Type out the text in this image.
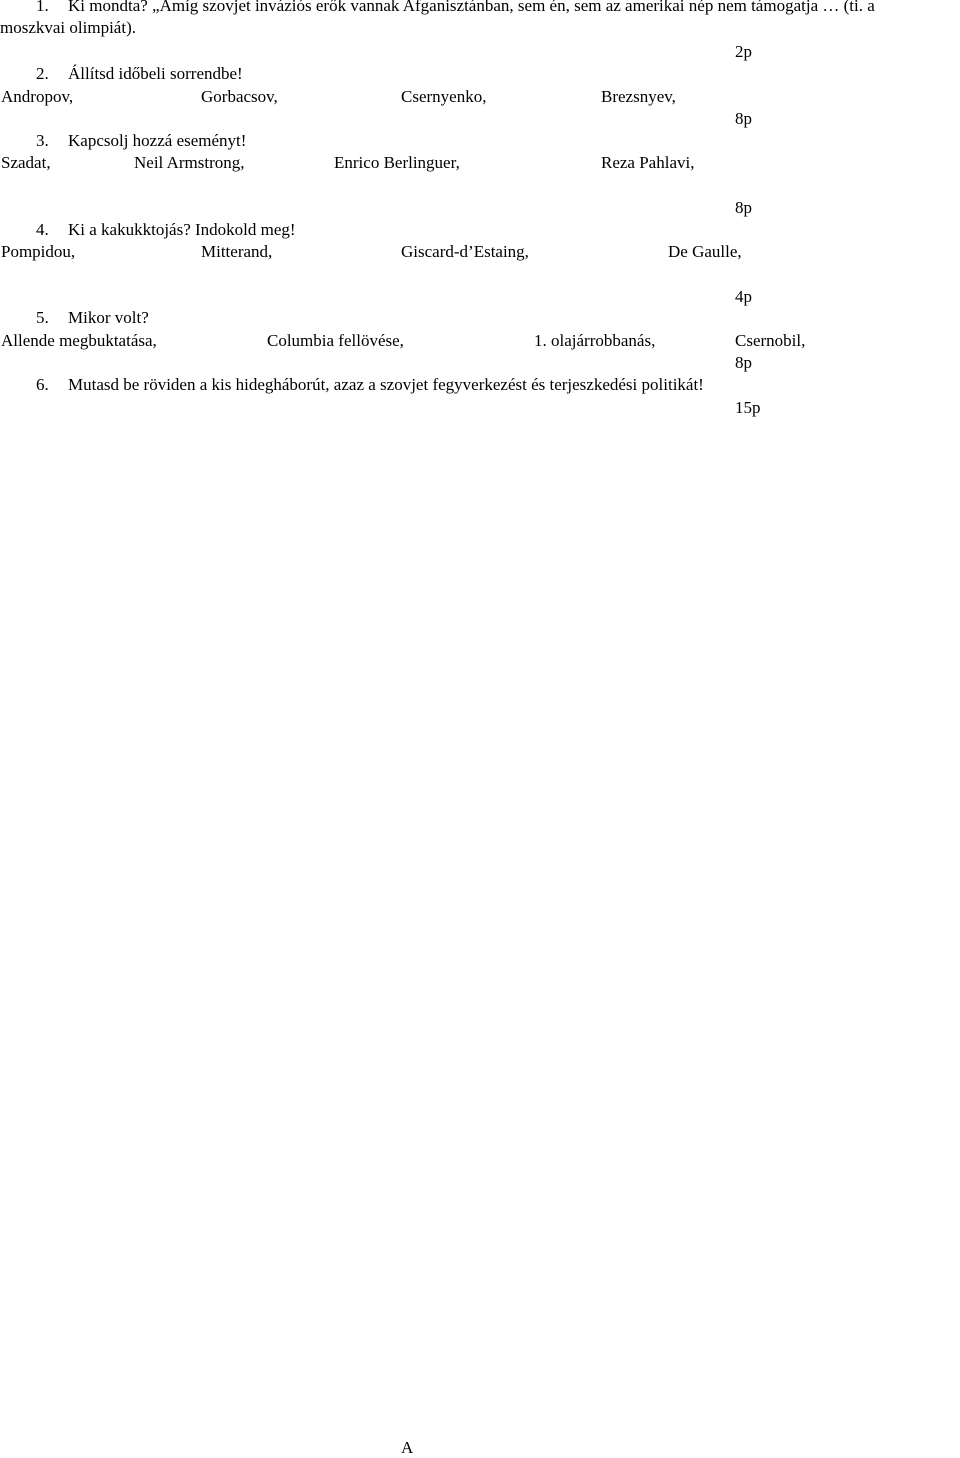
1. Ki mondta? „Amíg szovjet inváziós erők vannak Afganisztánban, sem én, sem az amerikai nép nem támogatja … (ti. a
moszkvai olimpiát).
2p
2. Állítsd időbeli sorrendbe!
Andropov,	Gorbacsov,	Csernyenko,	Brezsnyev,
8p
3. Kapcsolj hozzá eseményt!
Szadat,	Neil Armstrong,	Enrico Berlinguer,	Reza Pahlavi,
8p
4. Ki a kakukktojás? Indokold meg!
Pompidou,	Mitterand,	Giscard-d’Estaing,	De Gaulle,
4p
5. Mikor volt?
Allende megbuktatása,	Columbia fellövése,	1. olajárrobbanás,	Csernobil,
8p
6. Mutasd be röviden a kis hidegháborút, azaz a szovjet fegyverkezést és terjeszkedési politikát!
15p
A
